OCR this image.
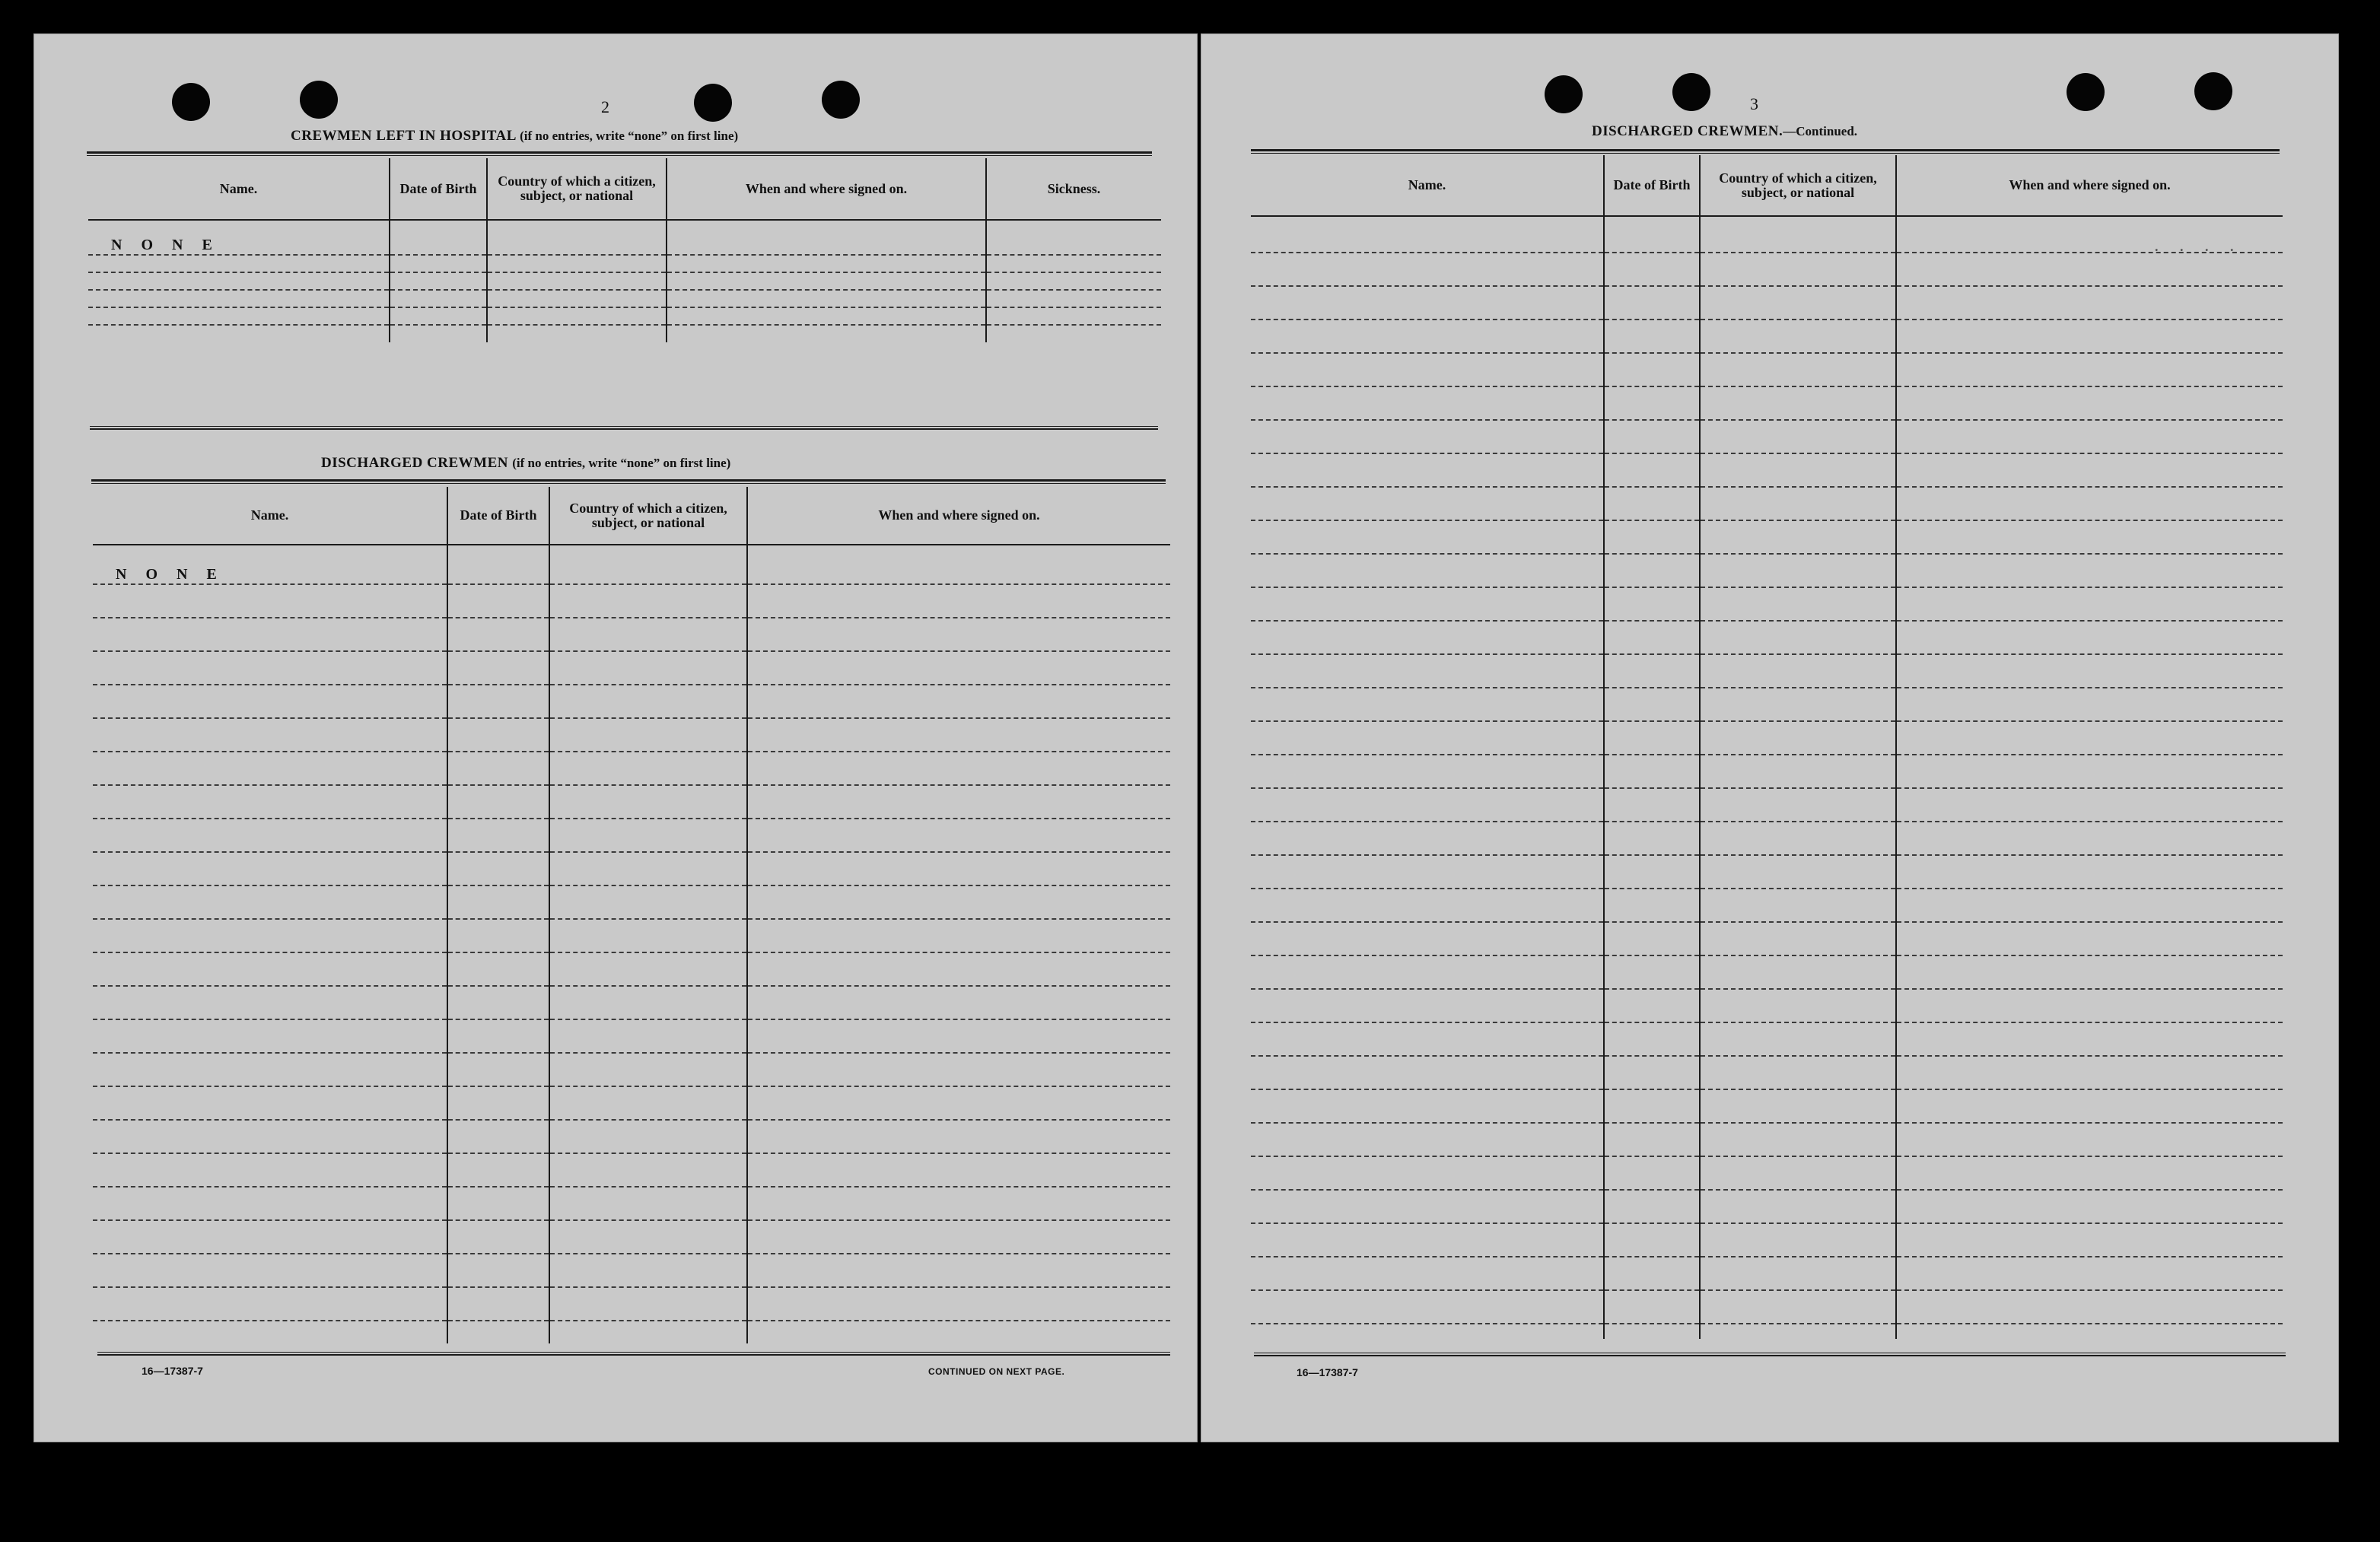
2
CREWMEN LEFT IN HOSPITAL (if no entries, write “none” on first line)
Name.	Date of Birth	Country of which a citizen, subject, or national	When and where signed on.	Sickness.
N O N E				

DISCHARGED CREWMEN (if no entries, write “none” on first line)
Name.	Date of Birth	Country of which a citizen, subject, or national	When and where signed on.
N O N E			

16—17387-7	CONTINUED ON NEXT PAGE.
3
DISCHARGED CREWMEN.—Continued.
Name.	Date of Birth	Country of which a citizen, subject, or national	When and where signed on.

. . . .
16—17387-7
